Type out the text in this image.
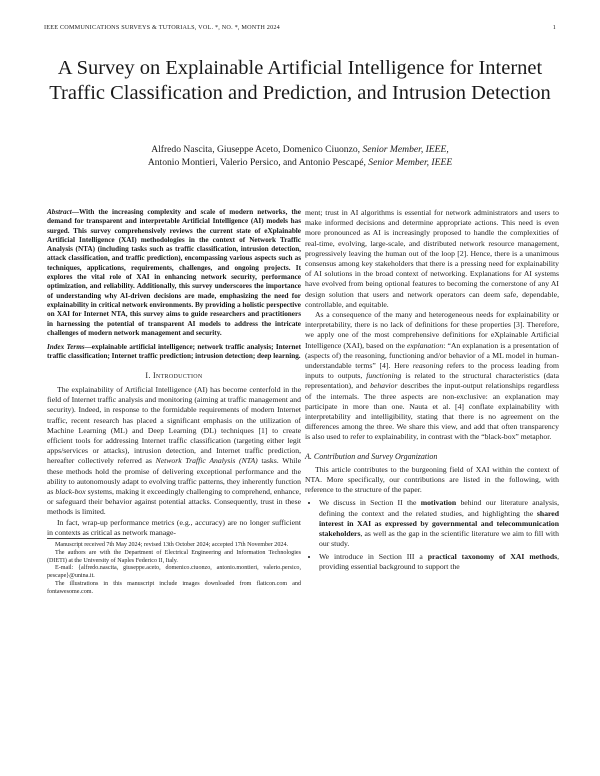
IEEE COMMUNICATIONS SURVEYS & TUTORIALS, VOL. *, NO. *, MONTH 2024	1
A Survey on Explainable Artificial Intelligence for Internet Traffic Classification and Prediction, and Intrusion Detection
Alfredo Nascita, Giuseppe Aceto, Domenico Ciuonzo, Senior Member, IEEE,
Antonio Montieri, Valerio Persico, and Antonio Pescapé, Senior Member, IEEE
Abstract—With the increasing complexity and scale of modern networks, the demand for transparent and interpretable Artificial Intelligence (AI) models has surged. This survey comprehensively reviews the current state of eXplainable Artificial Intelligence (XAI) methodologies in the context of Network Traffic Analysis (NTA) (including tasks such as traffic classification, intrusion detection, attack classification, and traffic prediction), encompassing various aspects such as techniques, applications, requirements, challenges, and ongoing projects. It explores the vital role of XAI in enhancing network security, performance optimization, and reliability. Additionally, this survey underscores the importance of understanding why AI-driven decisions are made, emphasizing the need for explainability in critical network environments. By providing a holistic perspective on XAI for Internet NTA, this survey aims to guide researchers and practitioners in harnessing the potential of transparent AI models to address the intricate challenges of modern network management and security.
Index Terms—explainable artificial intelligence; network traffic analysis; Internet traffic classification; Internet traffic prediction; intrusion detection; deep learning.
I. Introduction

The explainability of Artificial Intelligence (AI) has become centerfold in the field of Internet traffic analysis and monitoring (aiming at traffic management and security). Indeed, in response to the formidable requirements of modern Internet traffic, recent research has placed a significant emphasis on the utilization of Machine Learning (ML) and Deep Learning (DL) techniques [1] to create efficient tools for addressing Internet traffic classification (targeting either legit apps/services or attacks), intrusion detection, and Internet traffic prediction, hereafter collectively referred as Network Traffic Analysis (NTA) tasks. While these methods hold the promise of delivering exceptional performance and the ability to autonomously adapt to evolving traffic patterns, they inherently function as black-box systems, making it exceedingly challenging to comprehend, enhance, or safeguard their behavior against potential attacks. Consequently, trust in these methods is limited.

In fact, wrap-up performance metrics (e.g., accuracy) are no longer sufficient in contexts as critical as network manage-

Manuscript received 7th May 2024; revised 13th October 2024; accepted 17th November 2024.
The authors are with the Department of Electrical Engineering and Information Technologies (DIETI) at the University of Naples Federico II, Italy.
E-mail: {alfredo.nascita, giuseppe.aceto, domenico.ciuonzo, antonio.montieri, valerio.persico, pescape}@unina.it.
The illustrations in this manuscript include images downloaded from flaticon.com and fontawesome.com.

ment; trust in AI algorithms is essential for network administrators and users to make informed decisions and determine appropriate actions. This need is even more pronounced as AI is increasingly proposed to handle the complexities of real-time, evolving, large-scale, and distributed network resource management, progressively leaving the human out of the loop [2]. Hence, there is a unanimous consensus among key stakeholders that there is a pressing need for explainability of AI solutions in the broad context of networking. Explanations for AI systems have evolved from being optional features to becoming the cornerstone of any AI design solution that users and network operators can deem safe, dependable, controllable, and equitable.

As a consequence of the many and heterogeneous needs for explainability or interpretability, there is no lack of definitions for these properties [3]. Therefore, we apply one of the most comprehensive definitions for eXplainable Artificial Intelligence (XAI), based on the explanation: “An explanation is a presentation of (aspects of) the reasoning, functioning and/or behavior of a ML model in human-understandable terms” [4]. Here reasoning refers to the process leading from inputs to outputs, functioning is related to the structural characteristics (data representation), and behavior describes the input-output relationships regardless of the internals. The three aspects are non-exclusive: an explanation may participate in more than one. Nauta et al. [4] conflate explainability with interpretability and intelligibility, stating that there is no agreement on the differences among the three. We share this view, and add that often transparency is also used to refer to explainability, in contrast with the “black-box” metaphor.

A. Contribution and Survey Organization

This article contributes to the burgeoning field of XAI within the context of NTA. More specifically, our contributions are listed in the following, with reference to the structure of the paper.

• We discuss in Section II the motivation behind our literature analysis, defining the context and the related studies, and highlighting the shared interest in XAI as expressed by governmental and telecommunication stakeholders, as well as the gap in the scientific literature we aim to fill with our study.
• We introduce in Section III a practical taxonomy of XAI methods, providing essential background to support the
